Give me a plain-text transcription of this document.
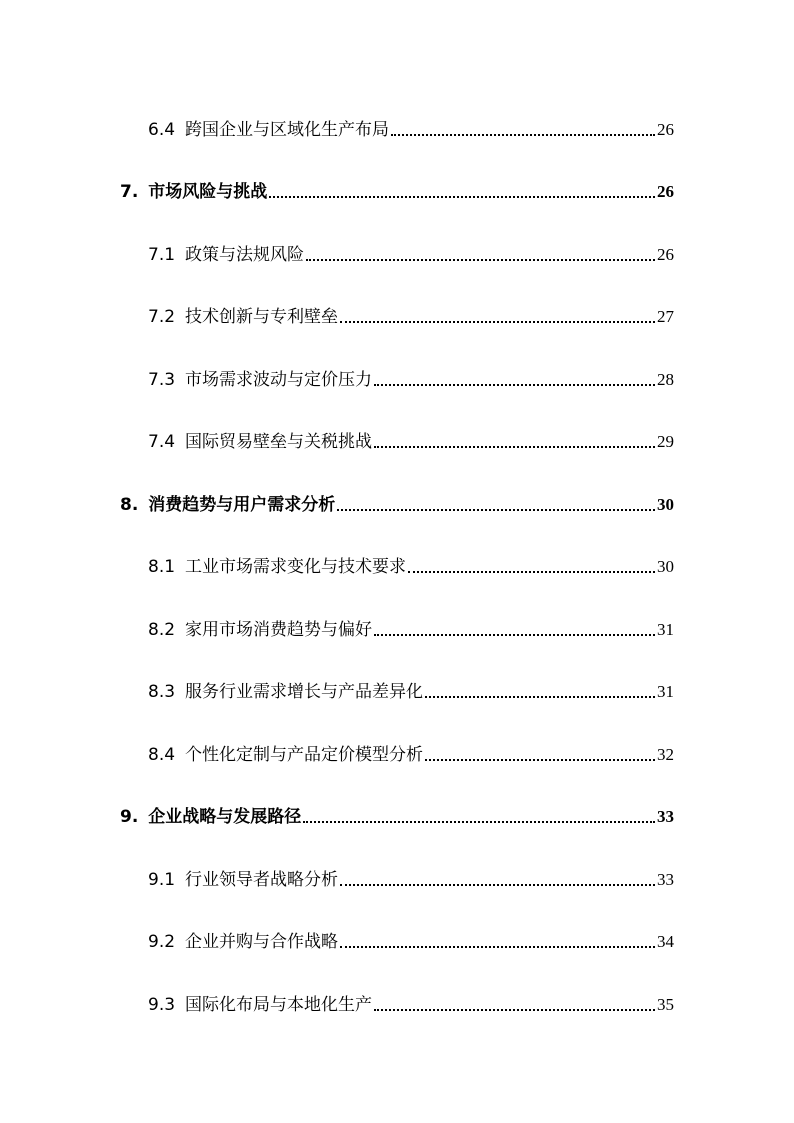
6.4 跨国企业与区域化生产布局	26
7. 市场风险与挑战	26
7.1 政策与法规风险	26
7.2 技术创新与专利壁垒	27
7.3 市场需求波动与定价压力	28
7.4 国际贸易壁垒与关税挑战	29
8. 消费趋势与用户需求分析	30
8.1 工业市场需求变化与技术要求	30
8.2 家用市场消费趋势与偏好	31
8.3 服务行业需求增长与产品差异化	31
8.4 个性化定制与产品定价模型分析	32
9. 企业战略与发展路径	33
9.1 行业领导者战略分析	33
9.2 企业并购与合作战略	34
9.3 国际化布局与本地化生产	35
